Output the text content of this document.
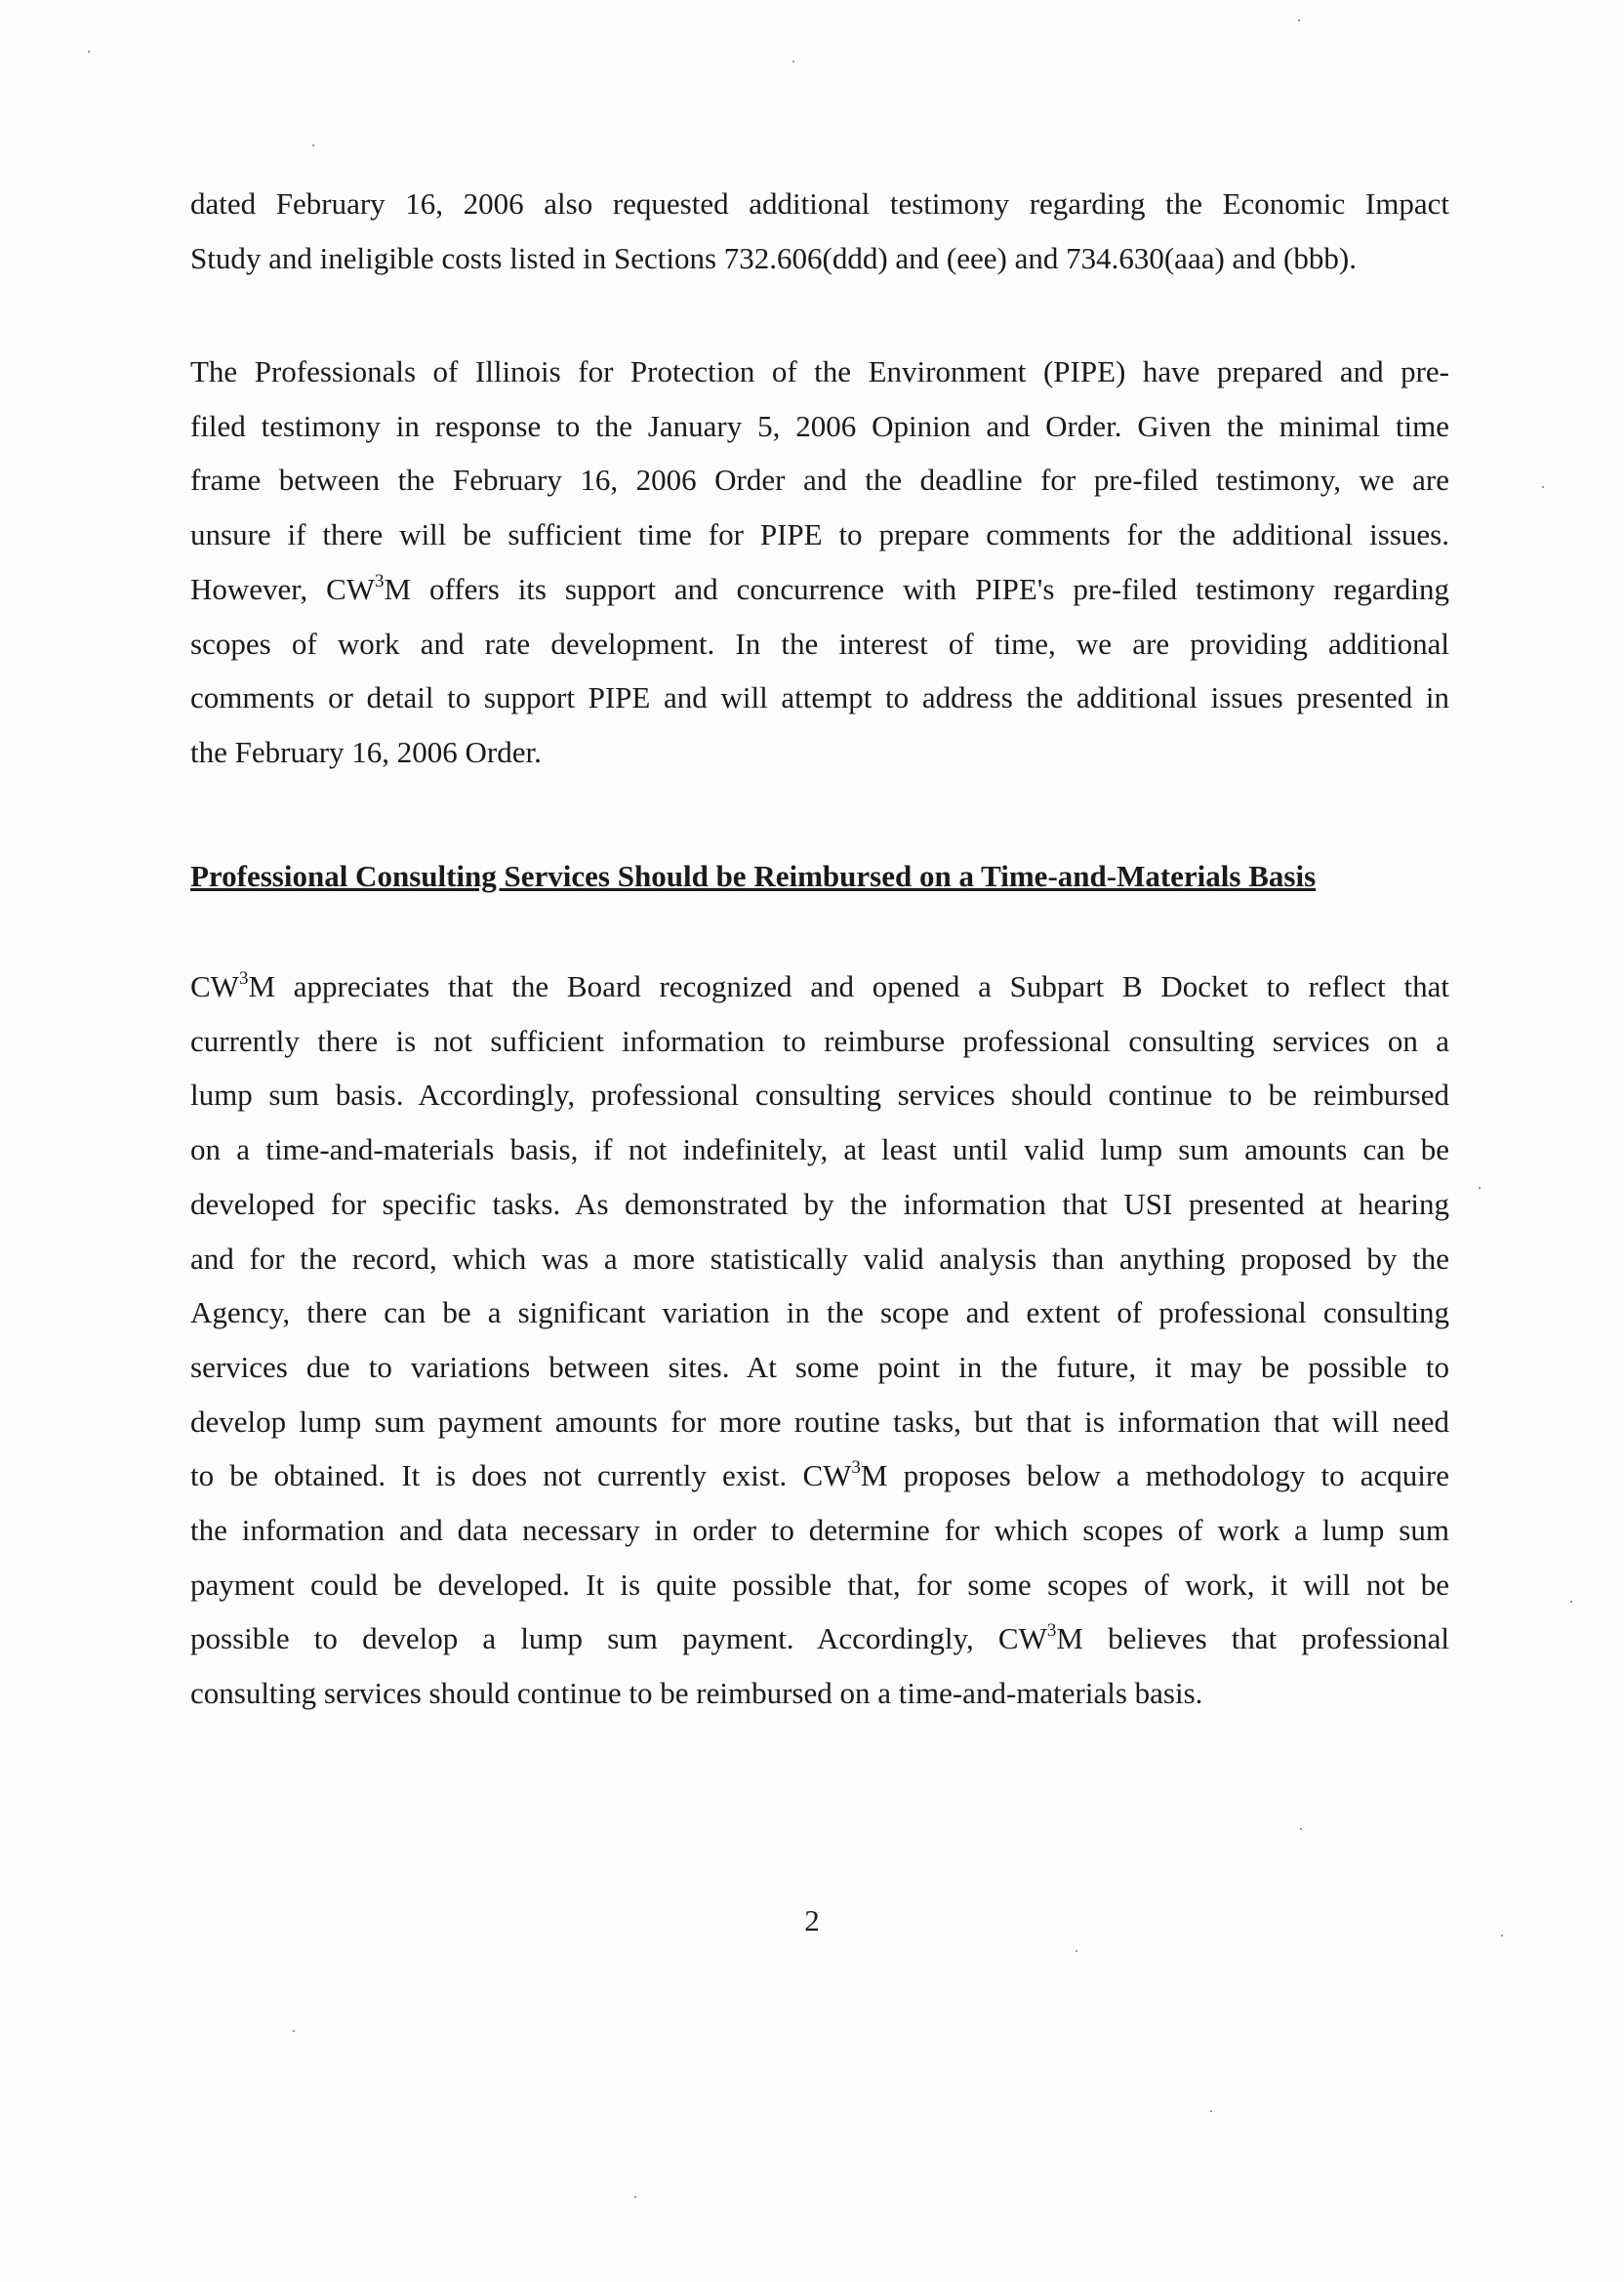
dated February 16, 2006 also requested additional testimony regarding the Economic Impact
Study and ineligible costs listed in Sections 732.606(ddd) and (eee) and 734.630(aaa) and (bbb).

The Professionals of Illinois for Protection of the Environment (PIPE) have prepared and pre-
filed testimony in response to the January 5, 2006 Opinion and Order. Given the minimal time
frame between the February 16, 2006 Order and the deadline for pre-filed testimony, we are
unsure if there will be sufficient time for PIPE to prepare comments for the additional issues.
However, $CW^3M$ offers its support and concurrence with PIPE's pre-filed testimony regarding
scopes of work and rate development. In the interest of time, we are providing additional
comments or detail to support PIPE and will attempt to address the additional issues presented in
the February 16, 2006 Order.

Professional Consulting Services Should be Reimbursed on a Time-and-Materials Basis

$CW^3M$ appreciates that the Board recognized and opened a Subpart B Docket to reflect that
currently there is not sufficient information to reimburse professional consulting services on a
lump sum basis. Accordingly, professional consulting services should continue to be reimbursed
on a time-and-materials basis, if not indefinitely, at least until valid lump sum amounts can be
developed for specific tasks. As demonstrated by the information that USI presented at hearing
and for the record, which was a more statistically valid analysis than anything proposed by the
Agency, there can be a significant variation in the scope and extent of professional consulting
services due to variations between sites. At some point in the future, it may be possible to
develop lump sum payment amounts for more routine tasks, but that is information that will need
to be obtained. It is does not currently exist. $CW^3M$ proposes below a methodology to acquire
the information and data necessary in order to determine for which scopes of work a lump sum
payment could be developed. It is quite possible that, for some scopes of work, it will not be
possible to develop a lump sum payment. Accordingly, $CW^3M$ believes that professional
consulting services should continue to be reimbursed on a time-and-materials basis.

2
